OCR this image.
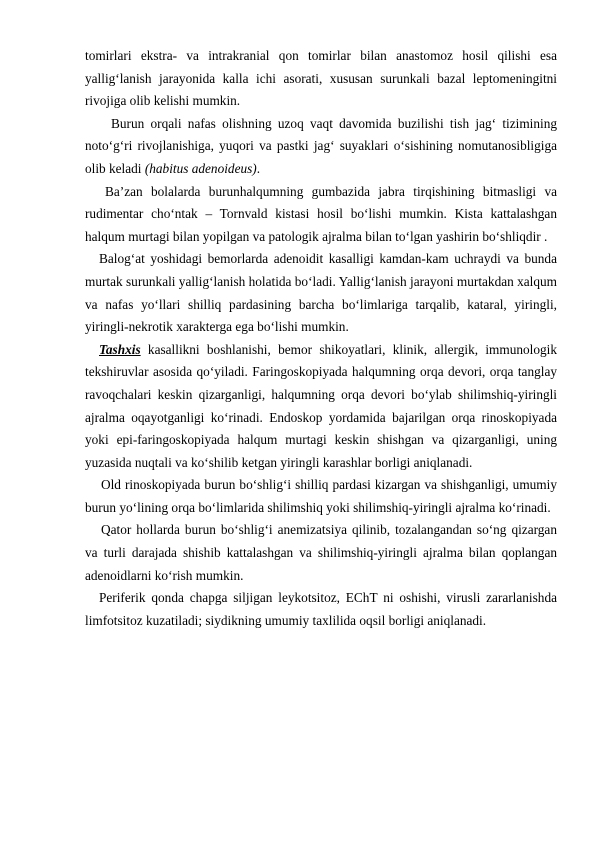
tomirlari ekstra- va intrakranial qon tomirlar bilan anastomoz hosil qilishi esa yallig‘lanish jarayonida kalla ichi asorati, xususan surunkali bazal leptomeningitni rivojiga olib kelishi mumkin.

Burun orqali nafas olishning uzoq vaqt davomida buzilishi tish jag‘ tizimining noto‘g‘ri rivojlanishiga, yuqori va pastki jag‘ suyaklari o‘sishining nomutanosibligiga olib keladi (habitus adenoideus).

Ba’zan bolalarda burunhalqumning gumbazida jabra tirqishining bitmasligi va rudimentar cho‘ntak – Tornvald kistasi hosil bo‘lishi mumkin. Kista kattalashgan halqum murtagi bilan yopilgan va patologik ajralma bilan to‘lgan yashirin bo‘shliqdir .

Balog‘at yoshidagi bemorlarda adenoidit kasalligi kamdan-kam uchraydi va bunda murtak surunkali yallig‘lanish holatida bo‘ladi. Yallig‘lanish jarayoni murtakdan xalqum va nafas yo‘llari shilliq pardasining barcha bo‘limlariga tarqalib, kataral, yiringli, yiringli-nekrotik xarakterga ega bo‘lishi mumkin.

Tashxis kasallikni boshlanishi, bemor shikoyatlari, klinik, allergik, immunologik tekshiruvlar asosida qo‘yiladi. Faringoskopiyada halqumning orqa devori, orqa tanglay ravoqchalari keskin qizarganligi, halqumning orqa devori bo‘ylab shilimshiq-yiringli ajralma oqayotganligi ko‘rinadi. Endoskop yordamida bajarilgan orqa rinoskopiyada yoki epi-faringoskopiyada halqum murtagi keskin shishgan va qizarganligi, uning yuzasida nuqtali va ko‘shilib ketgan yiringli karashlar borligi aniqlanadi.

Old rinoskopiyada burun bo‘shlig‘i shilliq pardasi kizargan va shishganligi, umumiy burun yo‘lining orqa bo‘limlarida shilimshiq yoki shilimshiq-yiringli ajralma ko‘rinadi.

Qator hollarda burun bo‘shlig‘i anemizatsiya qilinib, tozalangandan so‘ng qizargan va turli darajada shishib kattalashgan va shilimshiq-yiringli ajralma bilan qoplangan adenoidlarni ko‘rish mumkin.

Periferik qonda chapga siljigan leykotsitoz, EChT ni oshishi, virusli zararlanishda limfotsitoz kuzatiladi; siydikning umumiy taxlilida oqsil borligi aniqlanadi.
